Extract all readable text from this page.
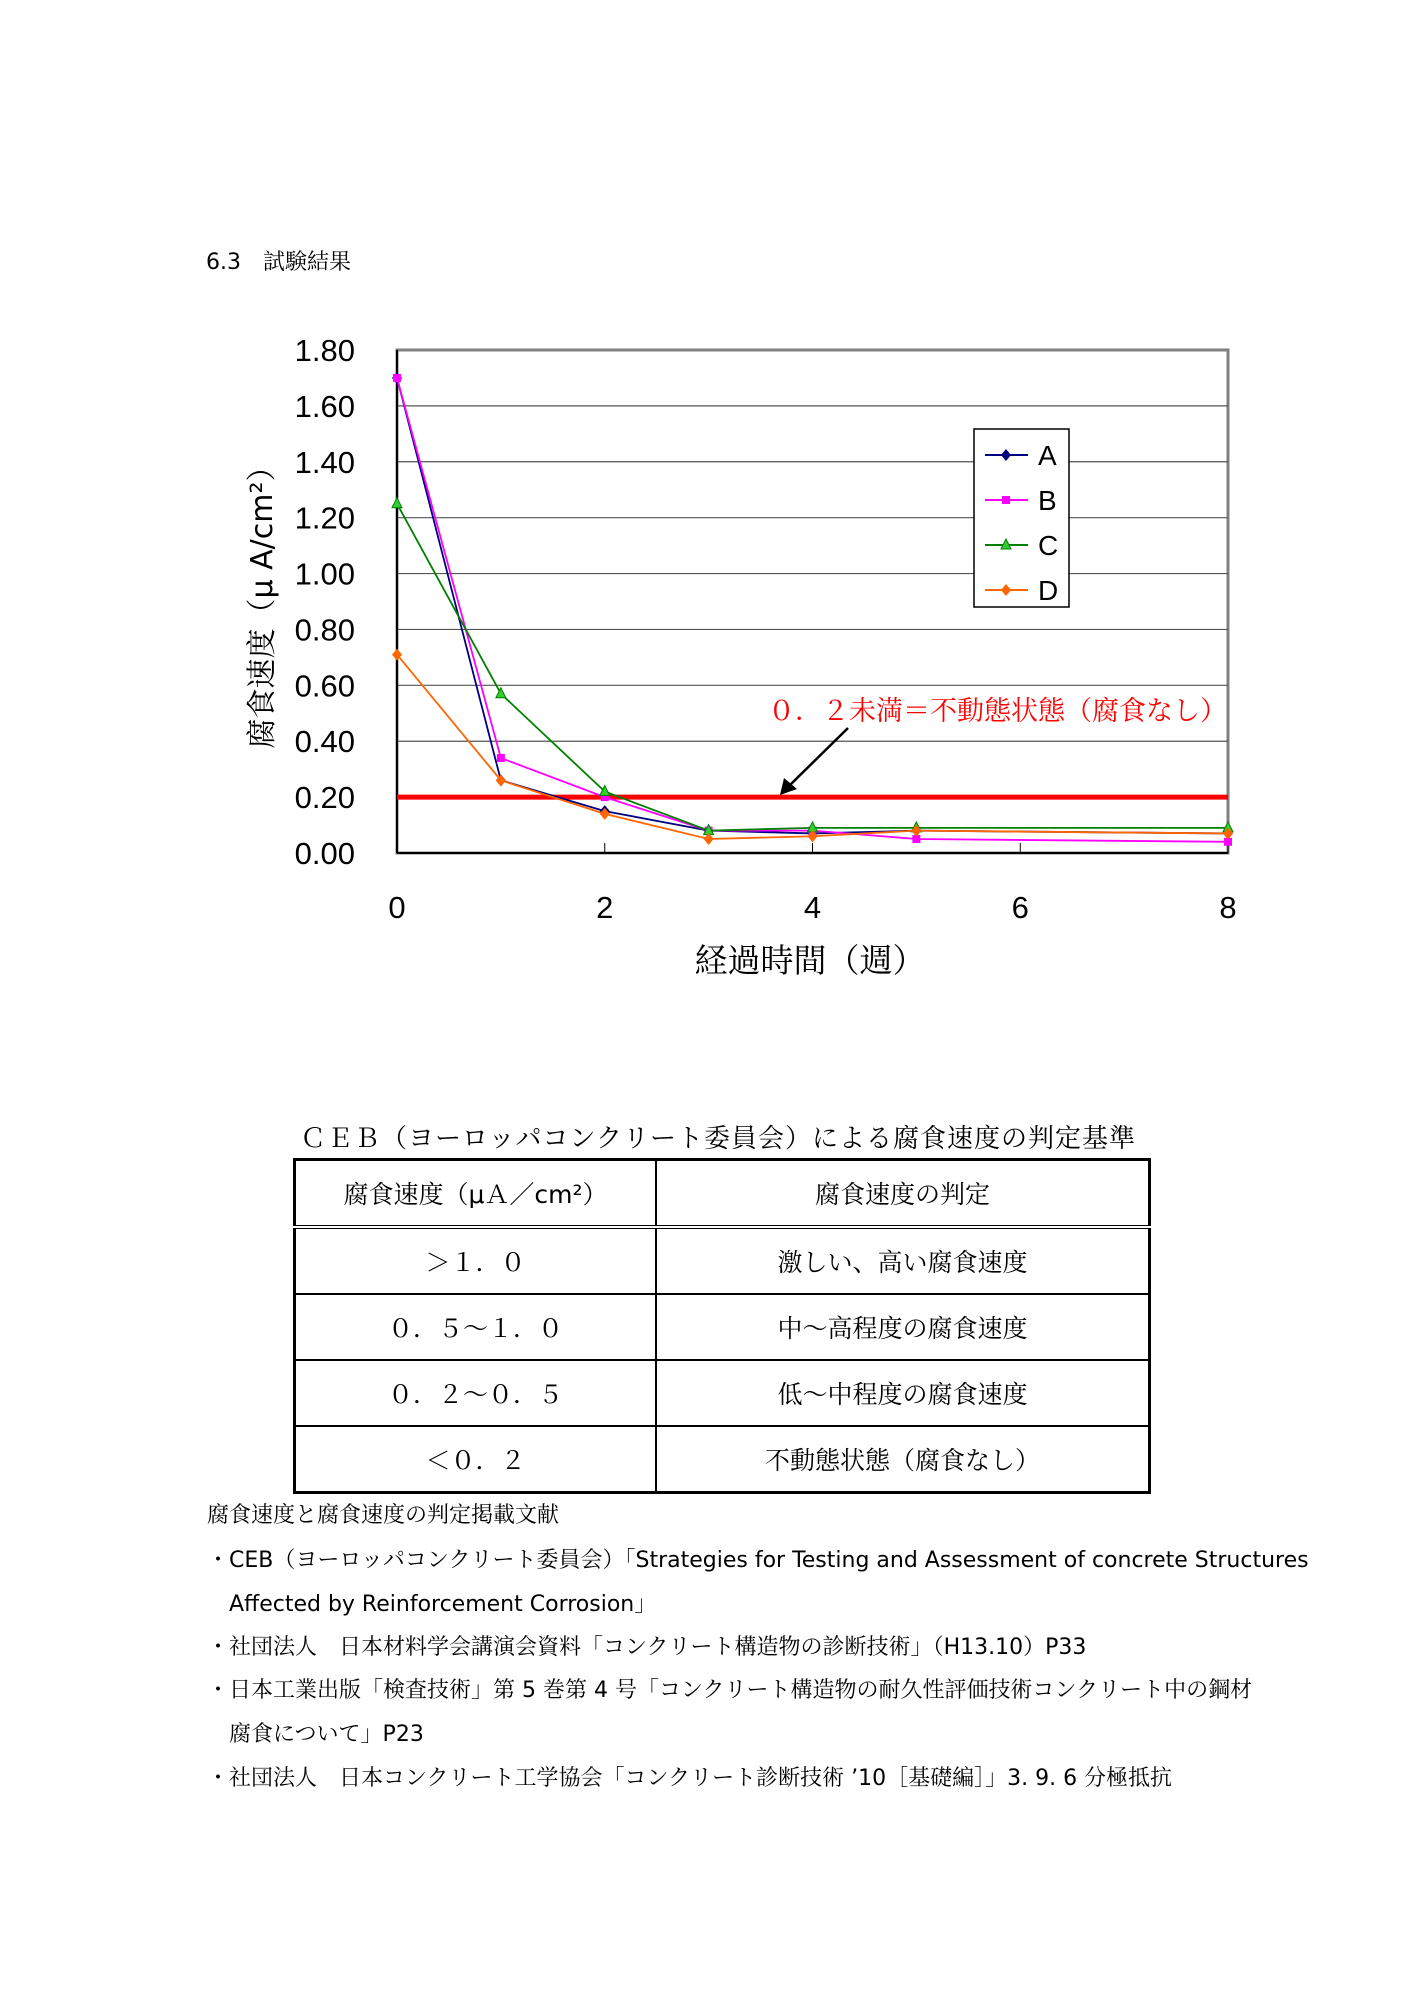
6.3　試験結果
0.00
0.20
0.40
0.60
0.80
1.00
1.20
1.40
1.60
1.80
0	2	4	6	8
経過時間（週）
腐食速度（μ A/cm²）	０．２未満＝不動態状態（腐食なし）
A
B
C
D
ＣＥＢ（ヨーロッパコンクリート委員会）による腐食速度の判定基準
腐食速度（μＡ／cm²）	腐食速度の判定
＞１．０	激しい、高い腐食速度
０．５～１．０	中～高程度の腐食速度
０．２～０．５	低～中程度の腐食速度
＜０．２	不動態状態（腐食なし）
腐食速度と腐食速度の判定掲載文献
・CEB（ヨーロッパコンクリート委員会）「Strategies for Testing and Assessment of concrete Structures
　Affected by Reinforcement Corrosion」
・社団法人　日本材料学会講演会資料「コンクリート構造物の診断技術」（H13.10）P33
・日本工業出版「検査技術」第 5 巻第 4 号「コンクリート構造物の耐久性評価技術コンクリート中の鋼材
　腐食について」P23
・社団法人　日本コンクリート工学協会「コンクリート診断技術 ’10［基礎編］」3. 9. 6 分極抵抗
